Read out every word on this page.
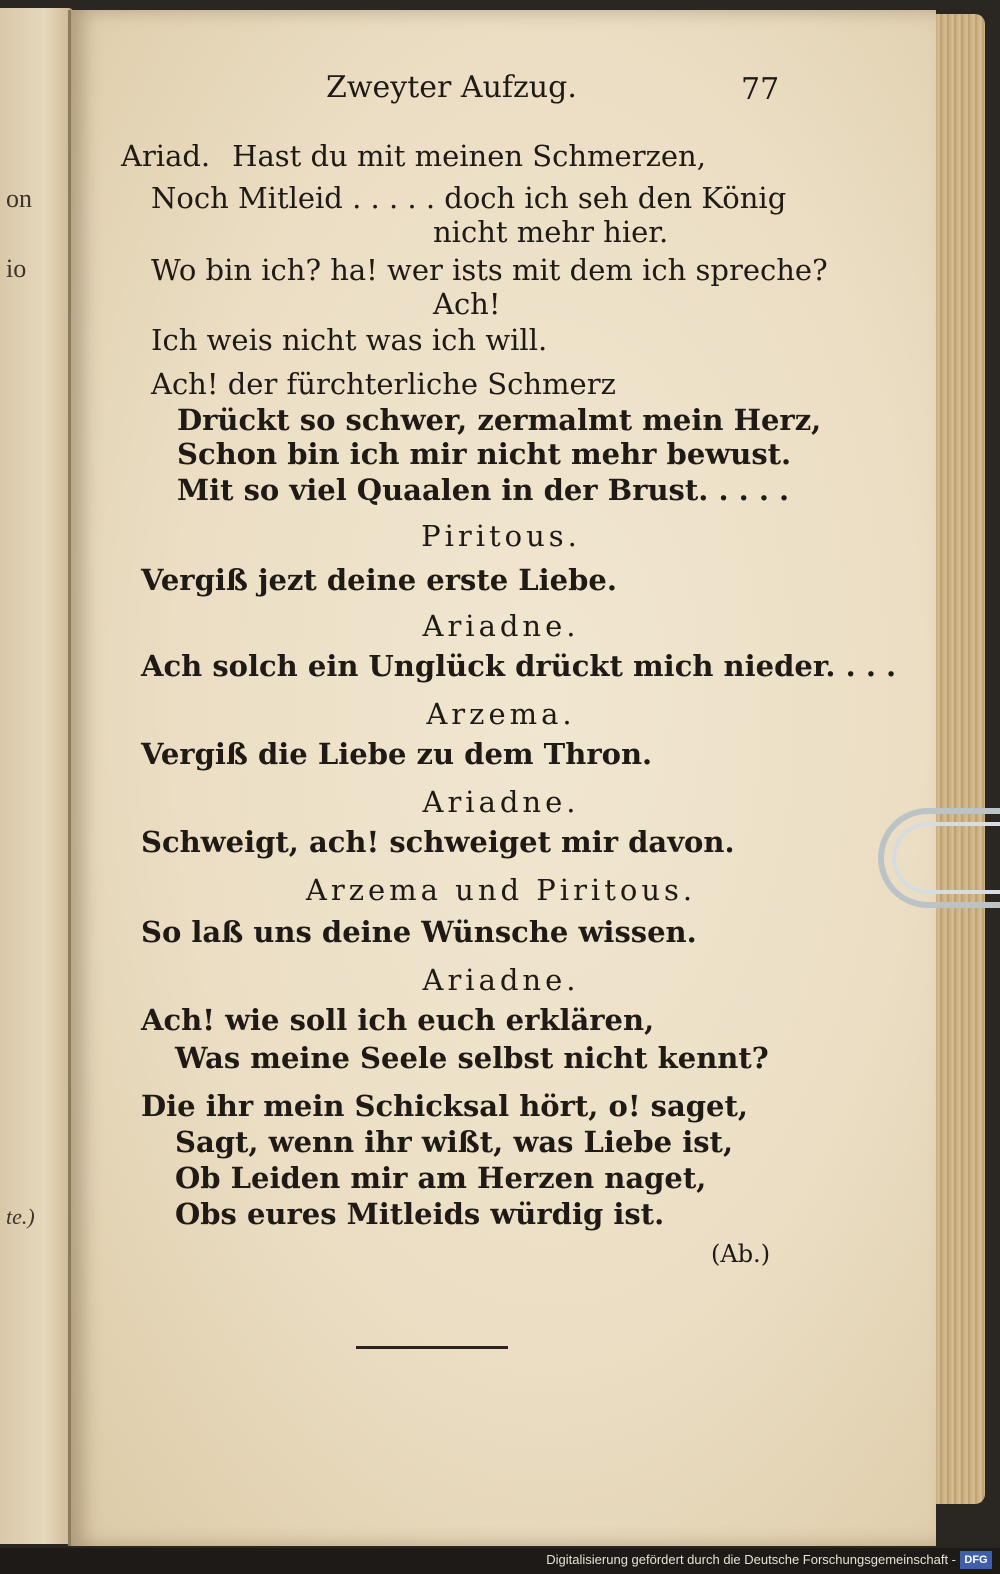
on
io
te.)
Zweyter Aufzug.	77
Ariad. Hast du mit meinen Schmerzen,
Noch Mitleid . . . . . doch ich seh den König
nicht mehr hier.
Wo bin ich? ha! wer ists mit dem ich spreche?
Ach!
Ich weis nicht was ich will.
Ach! der fürchterliche Schmerz
Drückt so schwer, zermalmt mein Herz,
Schon bin ich mir nicht mehr bewust.
Mit so viel Quaalen in der Brust. . . . .
Piritous.
Vergiß jezt deine erste Liebe.
Ariadne.
Ach solch ein Unglück drückt mich nieder. . . .
Arzema.
Vergiß die Liebe zu dem Thron.
Ariadne.
Schweigt, ach! schweiget mir davon.
Arzema und Piritous.
So laß uns deine Wünsche wissen.
Ariadne.
Ach! wie soll ich euch erklären,
Was meine Seele selbst nicht kennt?
Die ihr mein Schicksal hört, o! saget,
Sagt, wenn ihr wißt, was Liebe ist,
Ob Leiden mir am Herzen naget,
Obs eures Mitleids würdig ist.
(Ab.)
Digitalisierung gefördert durch die Deutsche Forschungsgemeinschaft - DFG
